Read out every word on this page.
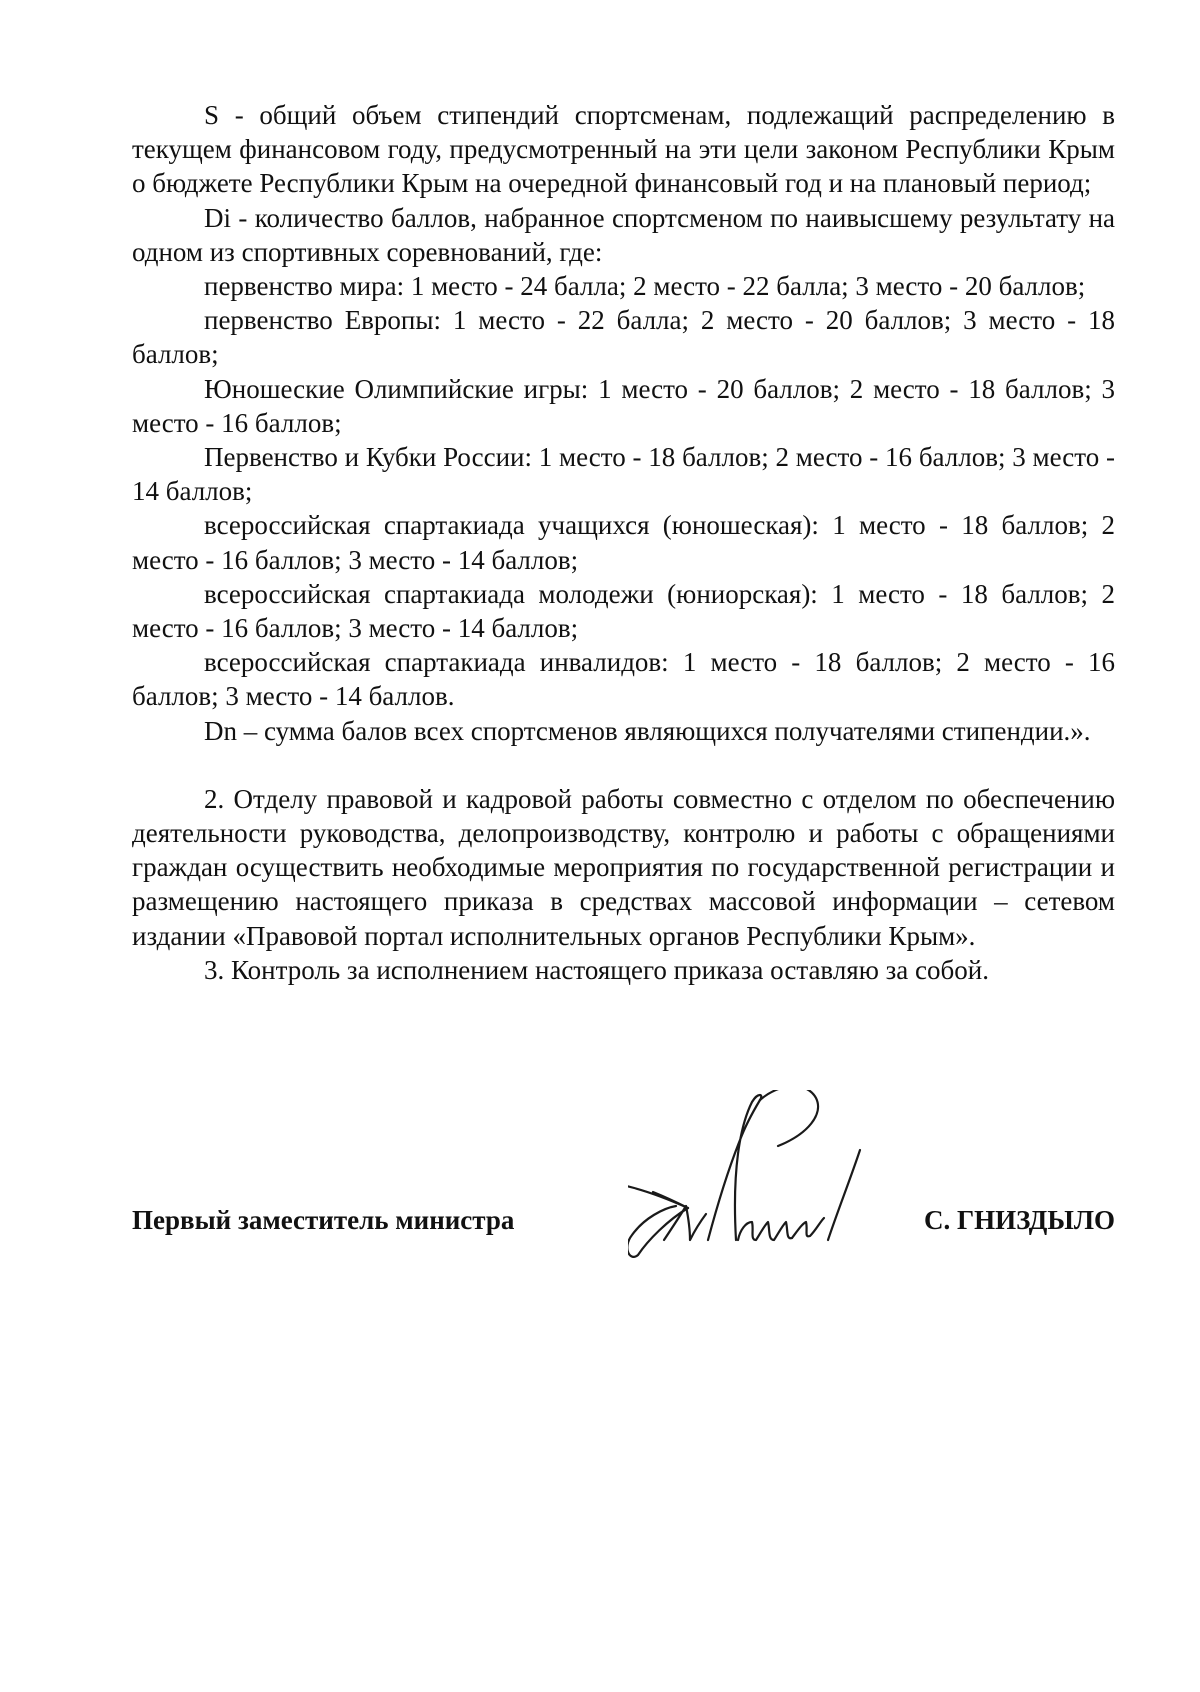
S - общий объем стипендий спортсменам, подлежащий распределению в текущем финансовом году, предусмотренный на эти цели законом Республики Крым о бюджете Республики Крым на очередной финансовый год и на плановый период;

Di - количество баллов, набранное спортсменом по наивысшему результату на одном из спортивных соревнований, где:

первенство мира: 1 место - 24 балла; 2 место - 22 балла; 3 место - 20 баллов;

первенство Европы: 1 место - 22 балла; 2 место - 20 баллов; 3 место - 18 баллов;

Юношеские Олимпийские игры: 1 место - 20 баллов; 2 место - 18 баллов; 3 место - 16 баллов;

Первенство и Кубки России: 1 место - 18 баллов; 2 место - 16 баллов; 3 место - 14 баллов;

всероссийская спартакиада учащихся (юношеская): 1 место - 18 баллов; 2 место - 16 баллов; 3 место - 14 баллов;

всероссийская спартакиада молодежи (юниорская): 1 место - 18 баллов; 2 место - 16 баллов; 3 место - 14 баллов;

всероссийская спартакиада инвалидов: 1 место - 18 баллов; 2 место - 16 баллов; 3 место - 14 баллов.

Dn – сумма балов всех спортсменов являющихся получателями стипендии.».

2. Отделу правовой и кадровой работы совместно с отделом по обеспечению деятельности руководства, делопроизводству, контролю и работы с обращениями граждан осуществить необходимые мероприятия по государственной регистрации и размещению настоящего приказа в средствах массовой информации – сетевом издании «Правовой портал исполнительных органов Республики Крым».

3. Контроль за исполнением настоящего приказа оставляю за собой.

Первый заместитель министра	С. ГНИЗДЫЛО
